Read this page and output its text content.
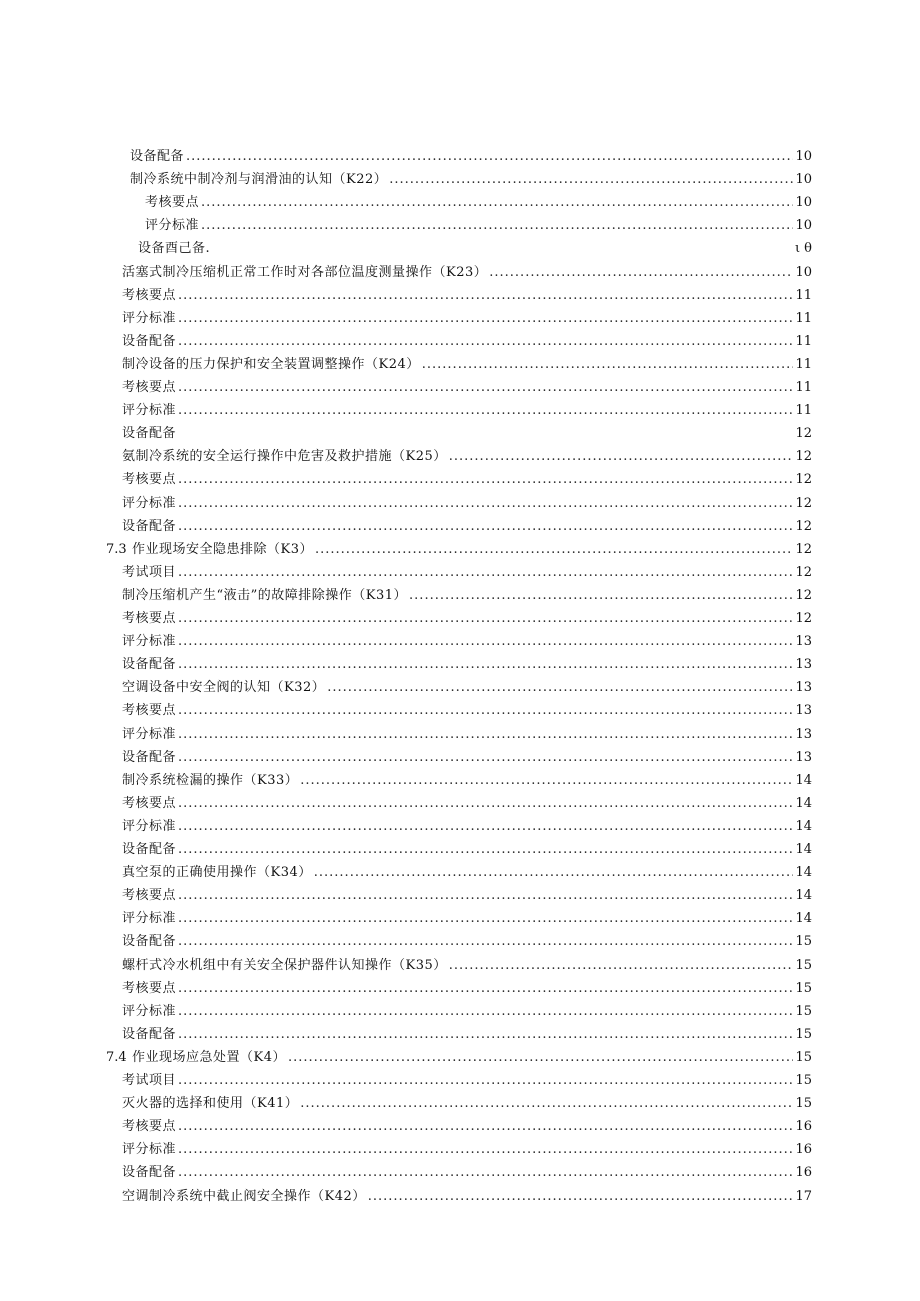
设备配备 .....	10
制冷系统中制冷剂与润滑油的认知（K22） .....	10
考核要点 .....	10
评分标准 .....	10
设备酉己备.	ι θ
活塞式制冷压缩机正常工作时对各部位温度测量操作（K23） .....	10
考核要点 .....	11
评分标准 .....	11
设备配备 .....	11
制冷设备的压力保护和安全装置调整操作（K24） .....	11
考核要点 .....	11
评分标准 .....	11
设备配备	12
氨制冷系统的安全运行操作中危害及救护措施（K25） .....	12
考核要点 .....	12
评分标准 .....	12
设备配备 .....	12
7.3 作业现场安全隐患排除（K3） .....	12
考试项目 .....	12
制冷压缩机产生“液击”的故障排除操作（K31） .....	12
考核要点 .....	12
评分标准 .....	13
设备配备 .....	13
空调设备中安全阀的认知（K32） .....	13
考核要点 .....	13
评分标准 .....	13
设备配备 .....	13
制冷系统检漏的操作（K33） .....	14
考核要点 .....	14
评分标准 .....	14
设备配备 .....	14
真空泵的正确使用操作（K34） .....	14
考核要点 .....	14
评分标准 .....	14
设备配备 .....	15
螺杆式冷水机组中有关安全保护器件认知操作（K35） .....	15
考核要点 .....	15
评分标准 .....	15
设备配备 .....	15
7.4 作业现场应急处置（K4） .....	15
考试项目 .....	15
灭火器的选择和使用（K41） .....	15
考核要点 .....	16
评分标准 .....	16
设备配备 .....	16
空调制冷系统中截止阀安全操作（K42） .....	17
